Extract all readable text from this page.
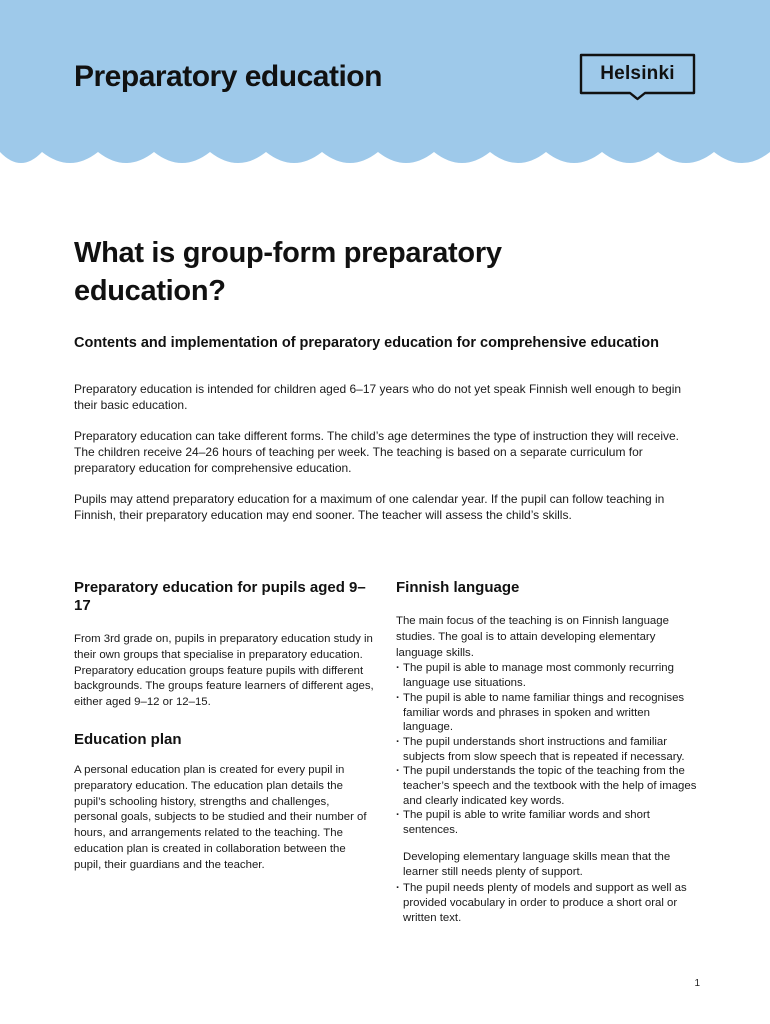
Preparatory education	Helsinki
What is group-form preparatory education?
Contents and implementation of preparatory education for comprehensive education

Preparatory education is intended for children aged 6–17 years who do not yet speak Finnish well enough to begin their basic education.

Preparatory education can take different forms. The child’s age determines the type of instruction they will receive. The children receive 24–26 hours of teaching per week. The teaching is based on a separate curriculum for preparatory education for comprehensive education.

Pupils may attend preparatory education for a maximum of one calendar year. If the pupil can follow teaching in Finnish, their preparatory education may end sooner. The teacher will assess the child’s skills.

Preparatory education for pupils aged 9–17

From 3rd grade on, pupils in preparatory education study in their own groups that specialise in preparatory education. Preparatory education groups feature pupils with different backgrounds. The groups feature learners of different ages, either aged 9–12 or 12–15.

Education plan

A personal education plan is created for every pupil in preparatory education. The education plan details the pupil’s schooling history, strengths and challenges, personal goals, subjects to be studied and their number of hours, and arrangements related to the teaching. The education plan is created in collaboration between the pupil, their guardians and the teacher.

Finnish language

The main focus of the teaching is on Finnish language studies. The goal is to attain developing elementary language skills.

· The pupil is able to manage most commonly recurring language use situations.
· The pupil is able to name familiar things and recognises familiar words and phrases in spoken and written language.
· The pupil understands short instructions and familiar subjects from slow speech that is repeated if necessary.
· The pupil understands the topic of the teaching from the teacher’s speech and the textbook with the help of images and clearly indicated key words.
· The pupil is able to write familiar words and short sentences.

Developing elementary language skills mean that the learner still needs plenty of support.

· The pupil needs plenty of models and support as well as provided vocabulary in order to produce a short oral or written text.
1
